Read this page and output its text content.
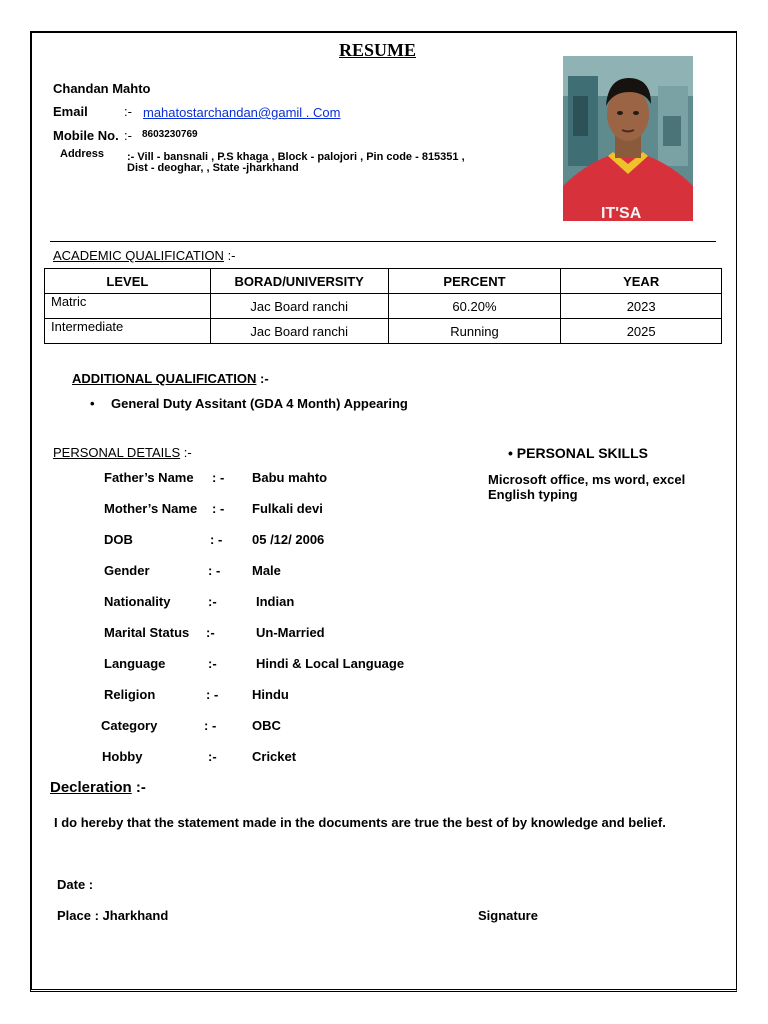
RESUME
Chandan Mahto
Email	:- mahatostarchandan@gamil . Com
Mobile No. :- 8603230769
Address :- Vill - bansnali , P.S khaga , Block - palojori , Pin code - 815351 ,
Dist - deoghar, , State -jharkhand
IT'SA
ACADEMIC QUALIFICATION :-
LEVEL	BORAD/UNIVERSITY	PERCENT	YEAR
Matric	Jac Board ranchi	60.20%	2023
Intermediate	Jac Board ranchi	Running	2025
ADDITIONAL QUALIFICATION :-
• General Duty Assitant (GDA 4 Month) Appearing
PERSONAL DETAILS :-	• PERSONAL SKILLS
Microsoft office, ms word, excel
English typing
Father’s Name : - Babu mahto
Mother’s Name : - Fulkali devi
DOB	: - 05 /12/ 2006
Gender	: - Male
Nationality	:-	Indian
Marital Status :-	Un-Married
Language	:-	Hindi & Local Language
Religion	: -	Hindu
Category	: -	OBC
Hobby	:-	Cricket
Decleration :-
I do hereby that the statement made in the documents are true the best of by knowledge and belief.
Date :
Place : Jharkhand	Signature
